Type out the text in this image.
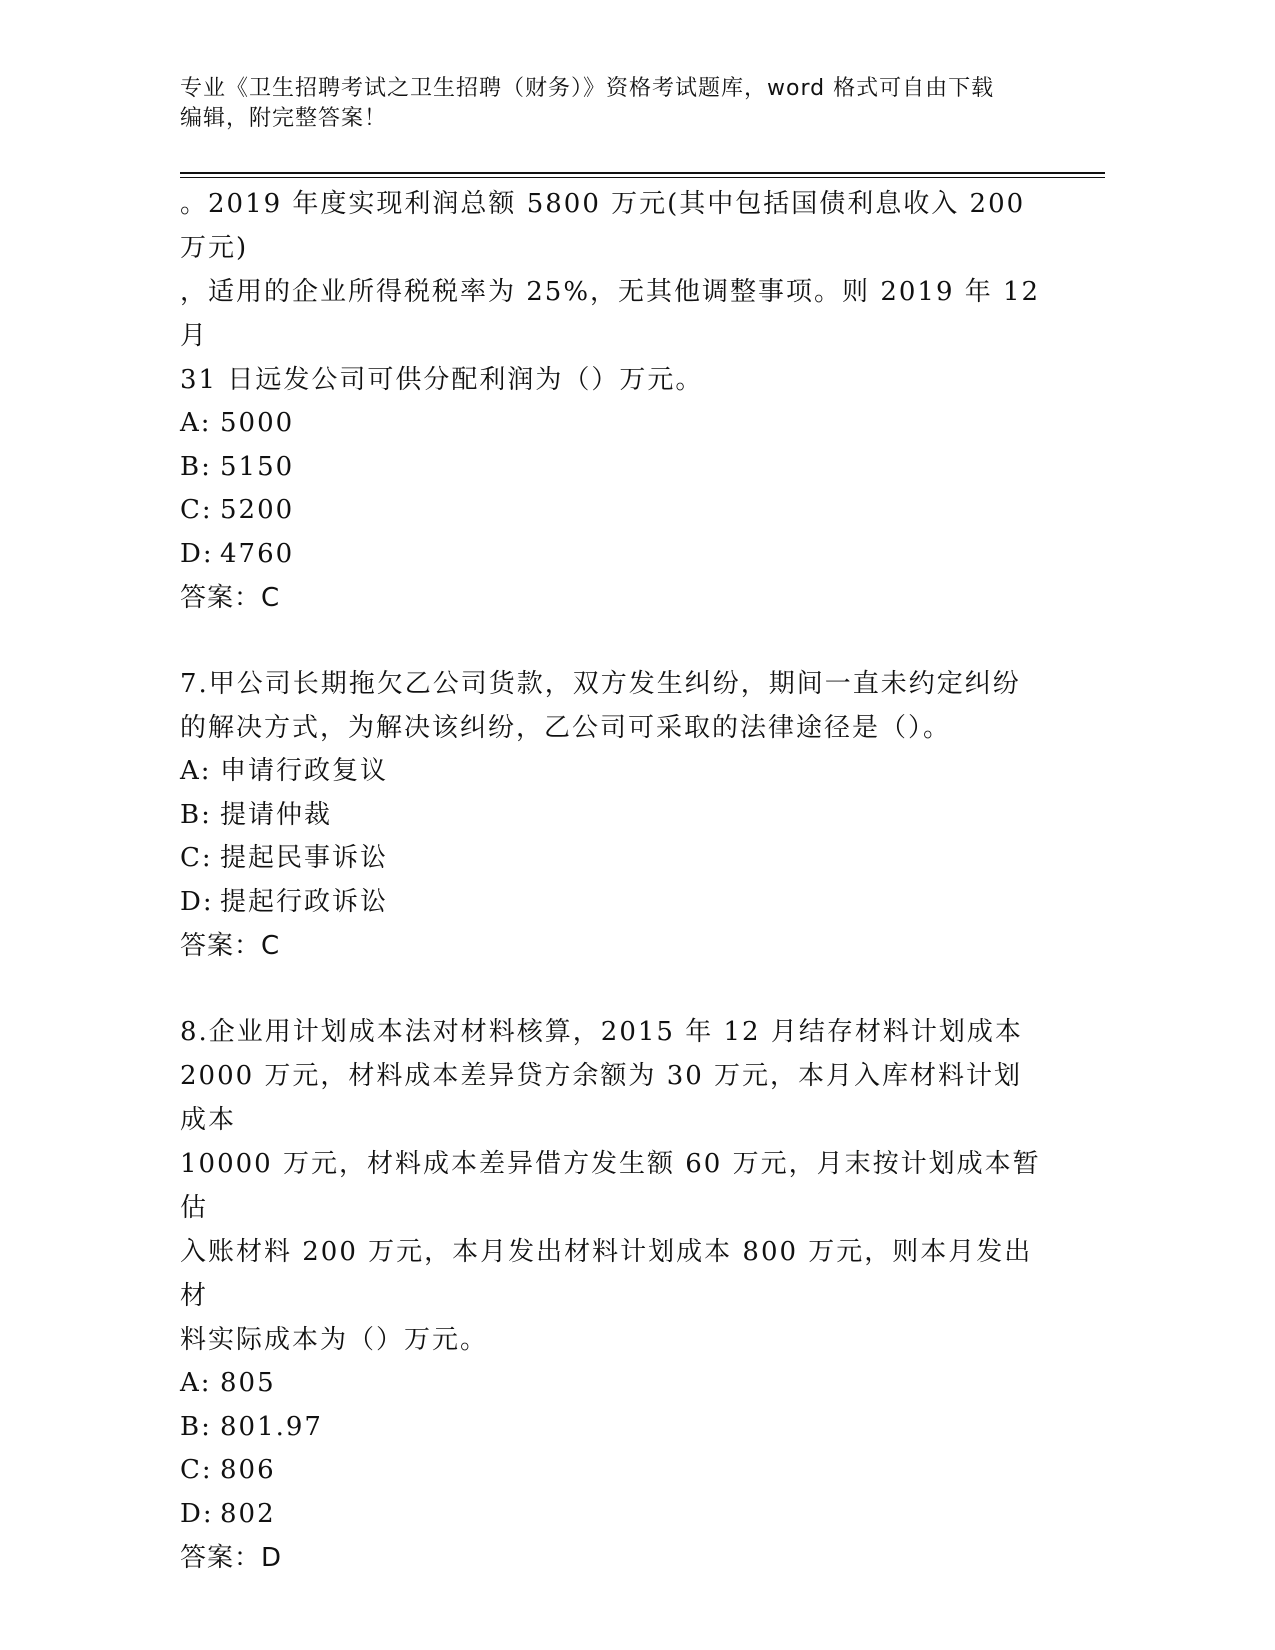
专业《卫生招聘考试之卫生招聘（财务）》资格考试题库，word 格式可自由下载
编辑，附完整答案！

。2019 年度实现利润总额 5800 万元(其中包括国债利息收入 200 万元)

，适用的企业所得税税率为 25%，无其他调整事项。则 2019 年 12 月

31 日远发公司可供分配利润为（）万元。

A: 5000

B: 5150

C: 5200

D: 4760

答案：C

7.甲公司长期拖欠乙公司货款，双方发生纠纷，期间一直未约定纠纷

的解决方式，为解决该纠纷，乙公司可采取的法律途径是（）。

A: 申请行政复议

B: 提请仲裁

C: 提起民事诉讼

D: 提起行政诉讼

答案：C

8.企业用计划成本法对材料核算，2015 年 12 月结存材料计划成本

2000 万元，材料成本差异贷方余额为 30 万元，本月入库材料计划成本

10000 万元，材料成本差异借方发生额 60 万元，月末按计划成本暂估

入账材料 200 万元，本月发出材料计划成本 800 万元，则本月发出材

料实际成本为（）万元。

A: 805

B: 801.97

C: 806

D: 802

答案：D
